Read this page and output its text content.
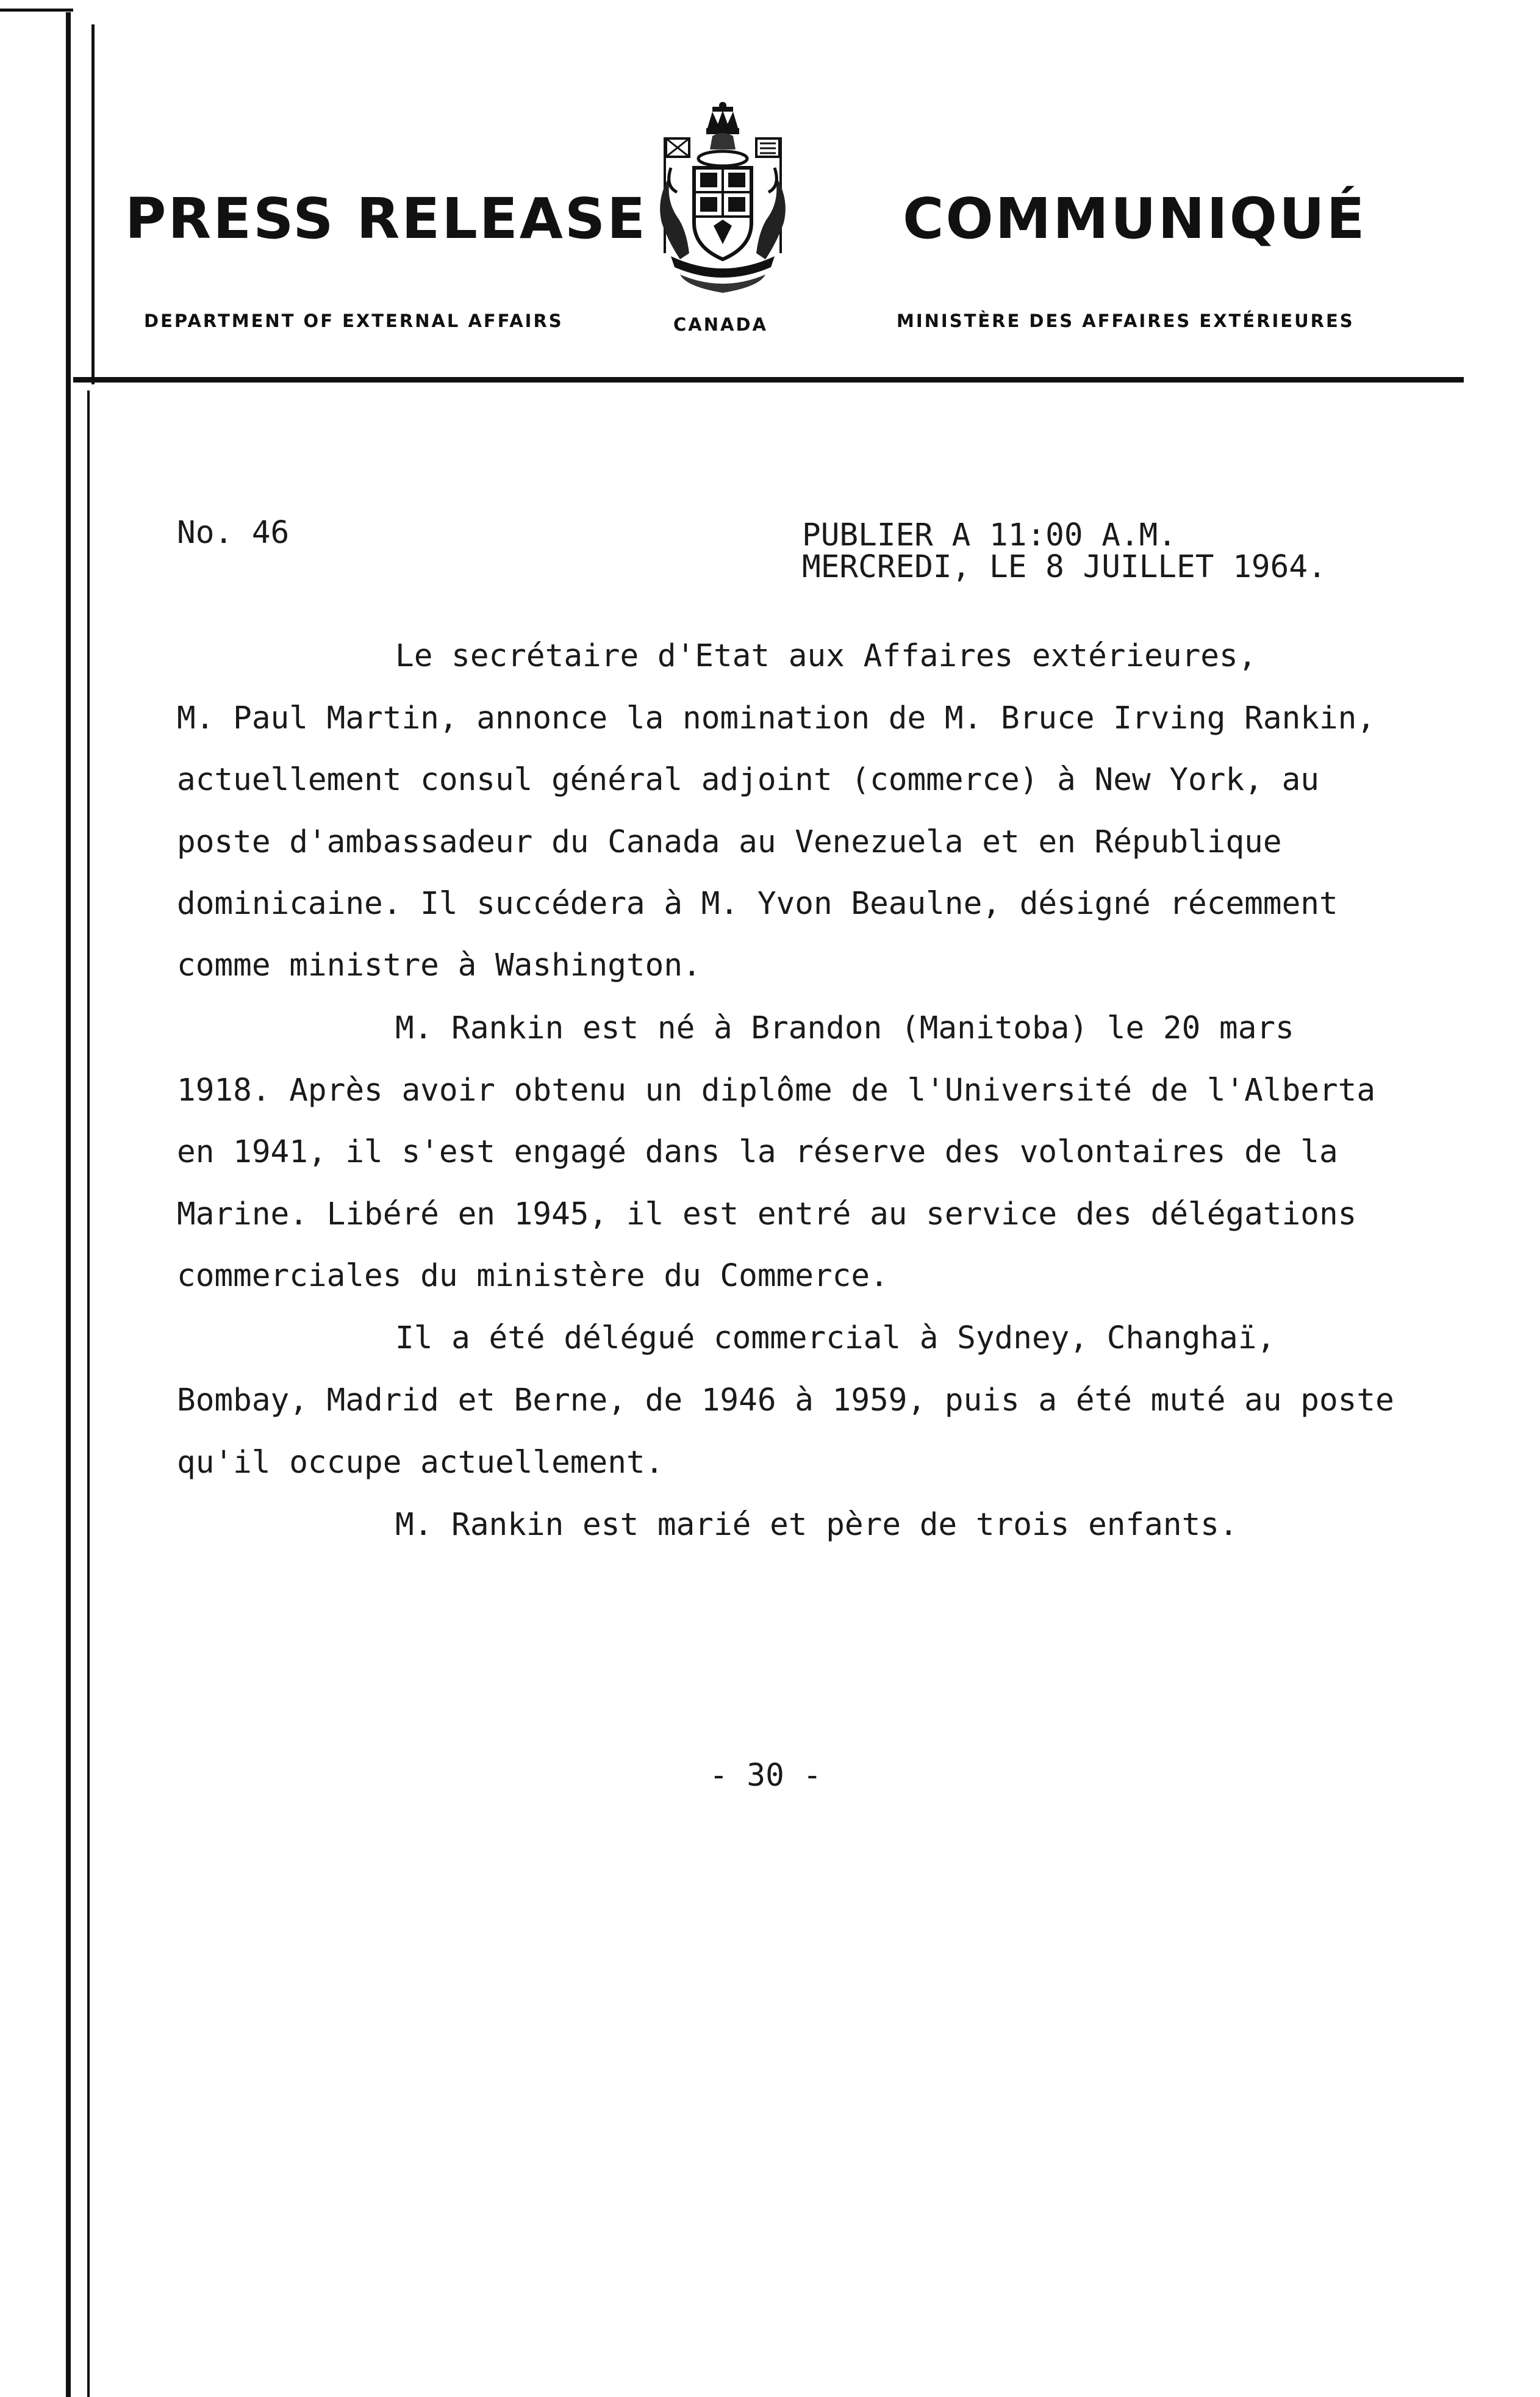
PRESS RELEASE	COMMUNIQUÉ
DEPARTMENT OF EXTERNAL AFFAIRS	CANADA	MINISTÈRE DES AFFAIRES EXTÉRIEURES
No. 46	PUBLIER A 11:00 A.M.
MERCREDI, LE 8 JUILLET 1964.
Le secrétaire d'Etat aux Affaires extérieures,
M. Paul Martin, annonce la nomination de M. Bruce Irving Rankin,
actuellement consul général adjoint (commerce) à New York, au
poste d'ambassadeur du Canada au Venezuela et en République
dominicaine. Il succédera à M. Yvon Beaulne, désigné récemment
comme ministre à Washington.
M. Rankin est né à Brandon (Manitoba) le 20 mars
1918. Après avoir obtenu un diplôme de l'Université de l'Alberta
en 1941, il s'est engagé dans la réserve des volontaires de la
Marine. Libéré en 1945, il est entré au service des délégations
commerciales du ministère du Commerce.
Il a été délégué commercial à Sydney, Changhaï,
Bombay, Madrid et Berne, de 1946 à 1959, puis a été muté au poste
qu'il occupe actuellement.
M. Rankin est marié et père de trois enfants.
- 30 -
